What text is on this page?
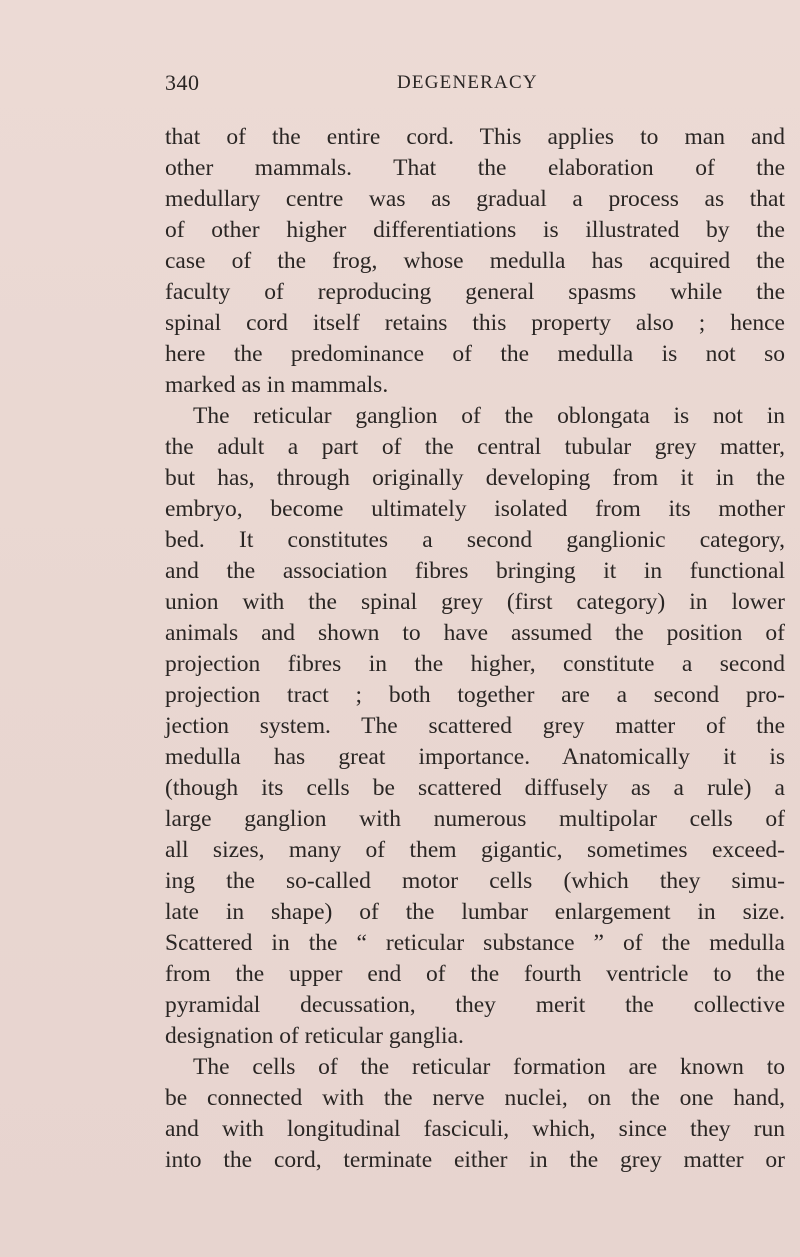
340	DEGENERACY
that of the entire cord. This applies to man and
other mammals. That the elaboration of the
medullary centre was as gradual a process as that
of other higher differentiations is illustrated by the
case of the frog, whose medulla has acquired the
faculty of reproducing general spasms while the
spinal cord itself retains this property also ; hence
here the predominance of the medulla is not so
marked as in mammals.
The reticular ganglion of the oblongata is not in
the adult a part of the central tubular grey matter,
but has, through originally developing from it in the
embryo, become ultimately isolated from its mother
bed. It constitutes a second ganglionic category,
and the association fibres bringing it in functional
union with the spinal grey (first category) in lower
animals and shown to have assumed the position of
projection fibres in the higher, constitute a second
projection tract ; both together are a second pro-
jection system. The scattered grey matter of the
medulla has great importance. Anatomically it is
(though its cells be scattered diffusely as a rule) a
large ganglion with numerous multipolar cells of
all sizes, many of them gigantic, sometimes exceed-
ing the so-called motor cells (which they simu-
late in shape) of the lumbar enlargement in size.
Scattered in the “ reticular substance ” of the medulla
from the upper end of the fourth ventricle to the
pyramidal decussation, they merit the collective
designation of reticular ganglia.
The cells of the reticular formation are known to
be connected with the nerve nuclei, on the one hand,
and with longitudinal fasciculi, which, since they run
into the cord, terminate either in the grey matter or
